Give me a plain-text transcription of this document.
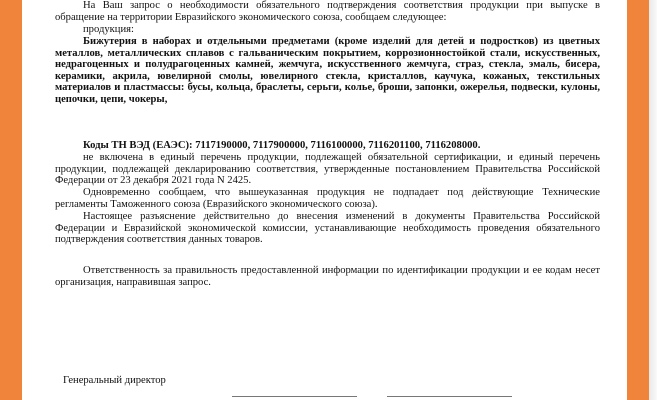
На Ваш запрос о необходимости обязательного подтверждения соответствия продукции при выпуске в обращение на территории Евразийского экономического союза, сообщаем следующее:

продукция:

Бижутерия в наборах и отдельными предметами (кроме изделий для детей и подростков) из цветных металлов, металлических сплавов с гальваническим покрытием, коррозионностойкой стали, искусственных, недрагоценных и полудрагоценных камней, жемчуга, искусственного жемчуга, страз, стекла, эмаль, бисера, керамики, акрила, ювелирной смолы, ювелирного стекла, кристаллов, каучука, кожаных, текстильных материалов и пластмассы: бусы, кольца, браслеты, серьги, колье, броши, запонки, ожерелья, подвески, кулоны, цепочки, цепи, чокеры,

Коды ТН ВЭД (ЕАЭС): 7117190000, 7117900000, 7116100000, 7116201100, 7116208000.

не включена в единый перечень продукции, подлежащей обязательной сертификации, и единый перечень продукции, подлежащей декларированию соответствия, утвержденные постановлением Правительства Российской Федерации от 23 декабря 2021 года N 2425.

Одновременно сообщаем, что вышеуказанная продукция не подпадает под действующие Технические регламенты Таможенного союза (Евразийского экономического союза).

Настоящее разъяснение действительно до внесения изменений в документы Правительства Российской Федерации и Евразийской экономической комиссии, устанавливающие необходимость проведения обязательного подтверждения соответствия данных товаров.

Ответственность за правильность предоставленной информации по идентификации продукции и ее кодам несет организация, направившая запрос.

Генеральный директор
